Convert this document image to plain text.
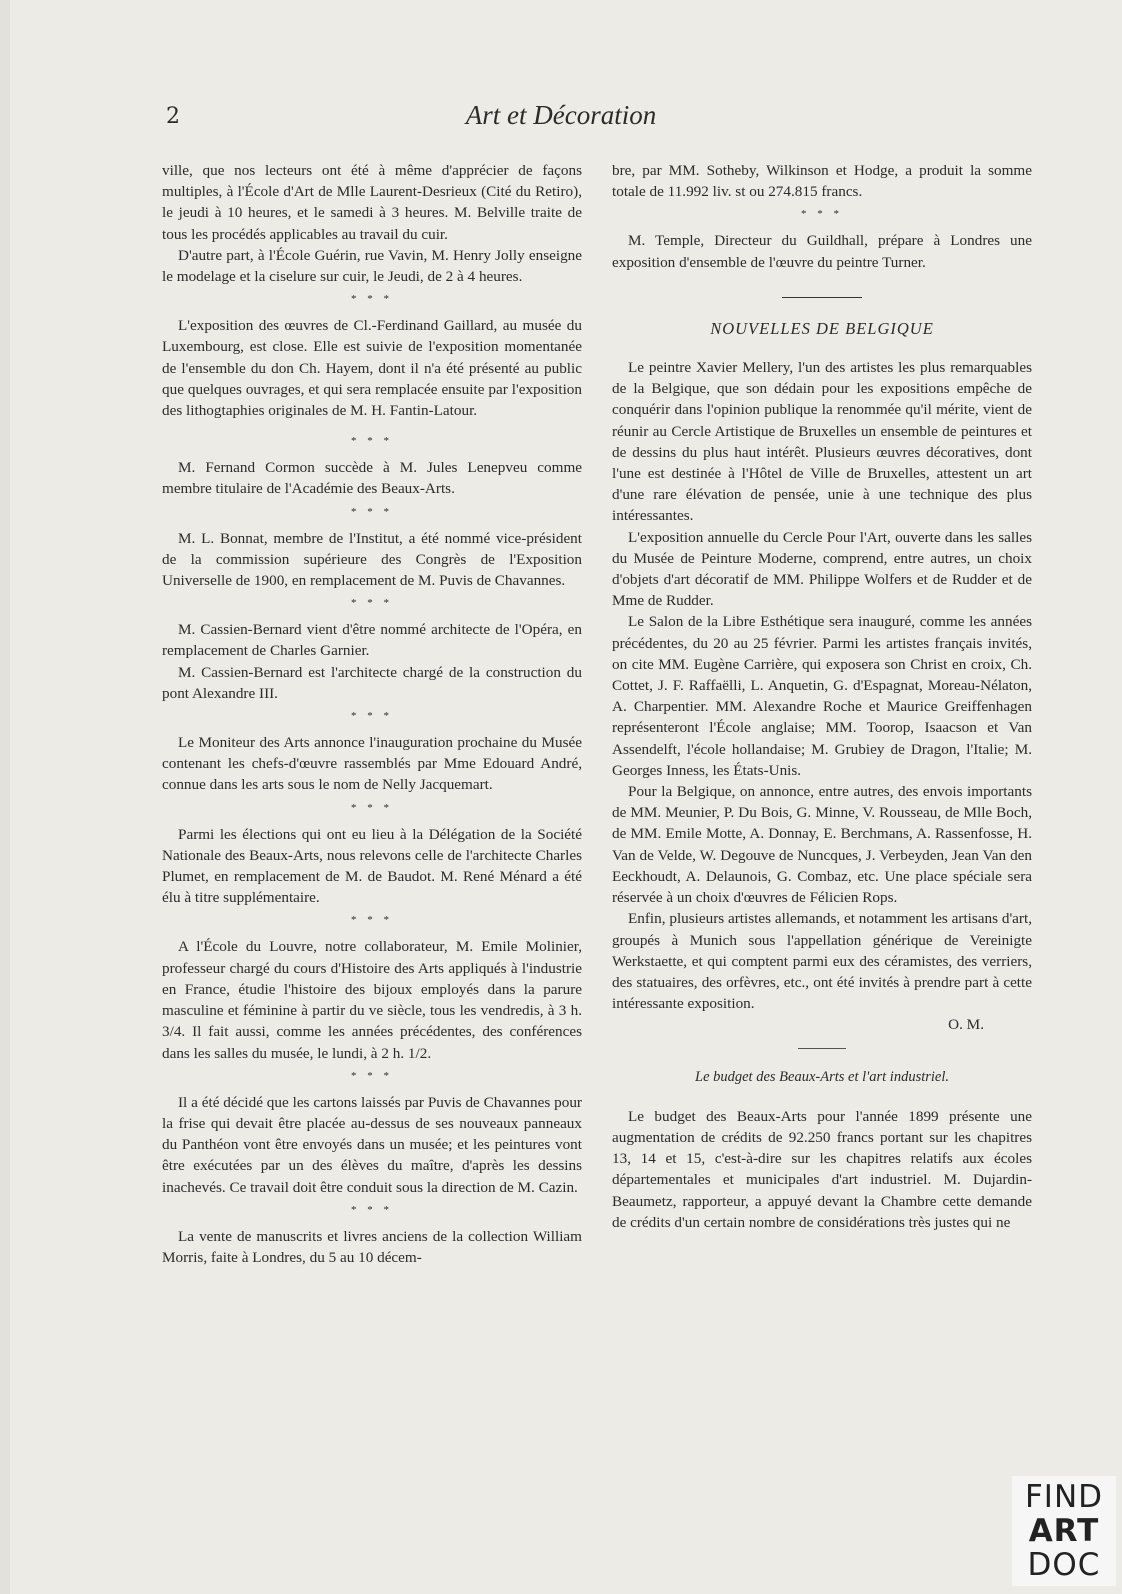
2	Art et Décoration

ville, que nos lecteurs ont été à même d'apprécier de façons multiples, à l'École d'Art de Mlle Laurent-Desrieux (Cité du Retiro), le jeudi à 10 heures, et le samedi à 3 heures. M. Belville traite de tous les procédés applicables au travail du cuir.

D'autre part, à l'École Guérin, rue Vavin, M. Henry Jolly enseigne le modelage et la ciselure sur cuir, le Jeudi, de 2 à 4 heures.

* * *

L'exposition des œuvres de Cl.-Ferdinand Gaillard, au musée du Luxembourg, est close. Elle est suivie de l'exposition momentanée de l'ensemble du don Ch. Hayem, dont il n'a été présenté au public que quelques ouvrages, et qui sera remplacée ensuite par l'exposition des lithogtaphies originales de M. H. Fantin-Latour.

* * *

M. Fernand Cormon succède à M. Jules Lenepveu comme membre titulaire de l'Académie des Beaux-Arts.

* * *

M. L. Bonnat, membre de l'Institut, a été nommé vice-président de la commission supérieure des Congrès de l'Exposition Universelle de 1900, en remplacement de M. Puvis de Chavannes.

* * *

M. Cassien-Bernard vient d'être nommé architecte de l'Opéra, en remplacement de Charles Garnier.

M. Cassien-Bernard est l'architecte chargé de la construction du pont Alexandre III.

* * *

Le Moniteur des Arts annonce l'inauguration prochaine du Musée contenant les chefs-d'œuvre rassemblés par Mme Edouard André, connue dans les arts sous le nom de Nelly Jacquemart.

* * *

Parmi les élections qui ont eu lieu à la Délégation de la Société Nationale des Beaux-Arts, nous relevons celle de l'architecte Charles Plumet, en remplacement de M. de Baudot. M. René Ménard a été élu à titre supplémentaire.

* * *

A l'École du Louvre, notre collaborateur, M. Emile Molinier, professeur chargé du cours d'Histoire des Arts appliqués à l'industrie en France, étudie l'histoire des bijoux employés dans la parure masculine et féminine à partir du ve siècle, tous les vendredis, à 3 h. 3/4. Il fait aussi, comme les années précédentes, des conférences dans les salles du musée, le lundi, à 2 h. 1/2.

* * *

Il a été décidé que les cartons laissés par Puvis de Chavannes pour la frise qui devait être placée au-dessus de ses nouveaux panneaux du Panthéon vont être envoyés dans un musée; et les peintures vont être exécutées par un des élèves du maître, d'après les dessins inachevés. Ce travail doit être conduit sous la direction de M. Cazin.

* * *

La vente de manuscrits et livres anciens de la collection William Morris, faite à Londres, du 5 au 10 décem-

bre, par MM. Sotheby, Wilkinson et Hodge, a produit la somme totale de 11.992 liv. st ou 274.815 francs.

* * *

M. Temple, Directeur du Guildhall, prépare à Londres une exposition d'ensemble de l'œuvre du peintre Turner.

NOUVELLES DE BELGIQUE

Le peintre Xavier Mellery, l'un des artistes les plus remarquables de la Belgique, que son dédain pour les expositions empêche de conquérir dans l'opinion publique la renommée qu'il mérite, vient de réunir au Cercle Artistique de Bruxelles un ensemble de peintures et de dessins du plus haut intérêt. Plusieurs œuvres décoratives, dont l'une est destinée à l'Hôtel de Ville de Bruxelles, attestent un art d'une rare élévation de pensée, unie à une technique des plus intéressantes.

L'exposition annuelle du Cercle Pour l'Art, ouverte dans les salles du Musée de Peinture Moderne, comprend, entre autres, un choix d'objets d'art décoratif de MM. Philippe Wolfers et de Rudder et de Mme de Rudder.

Le Salon de la Libre Esthétique sera inauguré, comme les années précédentes, du 20 au 25 février. Parmi les artistes français invités, on cite MM. Eugène Carrière, qui exposera son Christ en croix, Ch. Cottet, J. F. Raffaëlli, L. Anquetin, G. d'Espagnat, Moreau-Nélaton, A. Charpentier. MM. Alexandre Roche et Maurice Greiffenhagen représenteront l'École anglaise; MM. Toorop, Isaacson et Van Assendelft, l'école hollandaise; M. Grubiey de Dragon, l'Italie; M. Georges Inness, les États-Unis.

Pour la Belgique, on annonce, entre autres, des envois importants de MM. Meunier, P. Du Bois, G. Minne, V. Rousseau, de Mlle Boch, de MM. Emile Motte, A. Donnay, E. Berchmans, A. Rassenfosse, H. Van de Velde, W. Degouve de Nuncques, J. Verbeyden, Jean Van den Eeckhoudt, A. Delaunois, G. Combaz, etc. Une place spéciale sera réservée à un choix d'œuvres de Félicien Rops.

Enfin, plusieurs artistes allemands, et notamment les artisans d'art, groupés à Munich sous l'appellation générique de Vereinigte Werkstaette, et qui comptent parmi eux des céramistes, des verriers, des statuaires, des orfèvres, etc., ont été invités à prendre part à cette intéressante exposition.

O. M.
Le budget des Beaux-Arts et l'art industriel.

Le budget des Beaux-Arts pour l'année 1899 présente une augmentation de crédits de 92.250 francs portant sur les chapitres 13, 14 et 15, c'est-à-dire sur les chapitres relatifs aux écoles départementales et municipales d'art industriel. M. Dujardin-Beaumetz, rapporteur, a appuyé devant la Chambre cette demande de crédits d'un certain nombre de considérations très justes qui ne

FIND
ART
DOC
